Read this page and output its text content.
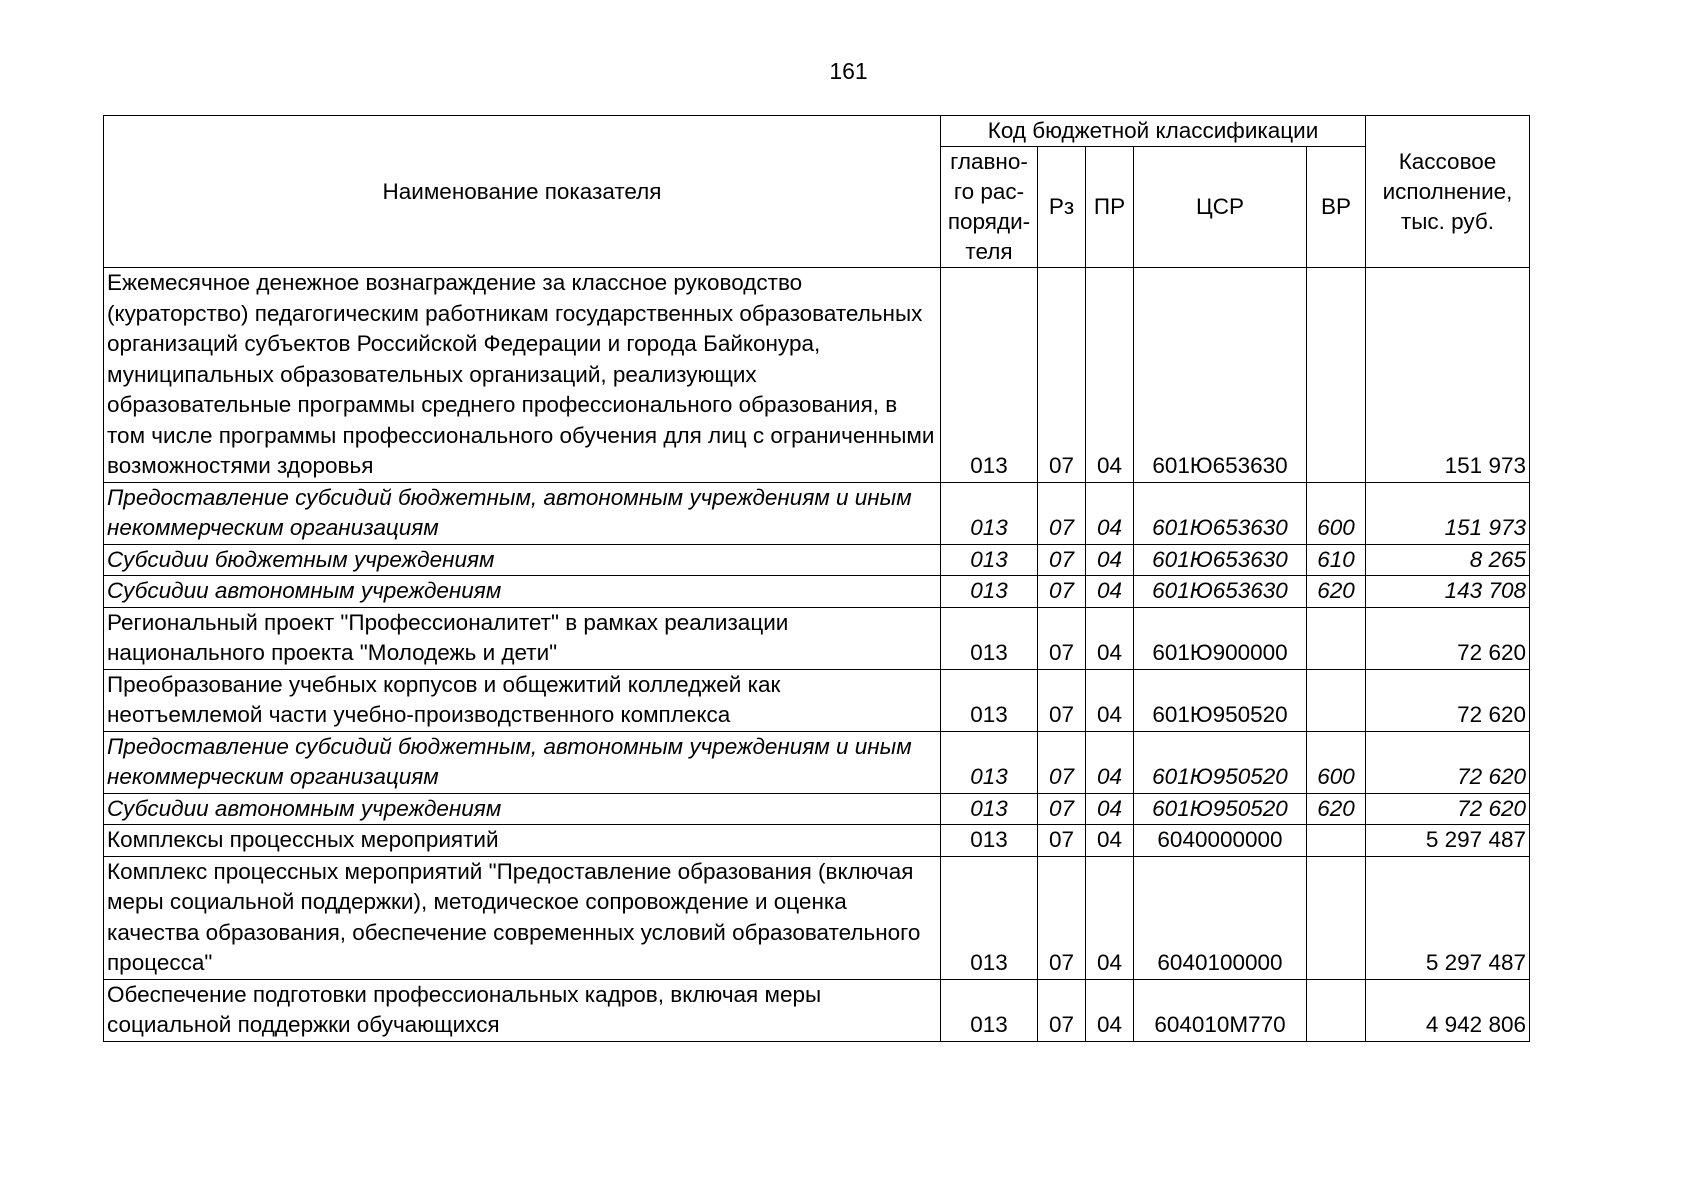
161
Наименование показателя	Код бюджетной классификации					Кассовое исполнение, тыс. руб.
	главно-
го рас-
поряди-
теля	Рз	ПР	ЦСР	ВР	
Ежемесячное денежное вознаграждение за классное руководство (кураторство) педагогическим работникам государственных образовательных организаций субъектов Российской Федерации и города Байконура, муниципальных образовательных организаций, реализующих образовательные программы среднего профессионального образования, в том числе программы профессионального обучения для лиц с ограниченными возможностями здоровья	013	07	04	601Ю653630		151 973
Предоставление субсидий бюджетным, автономным учреждениям и иным некоммерческим организациям	013	07	04	601Ю653630	600	151 973
Субсидии бюджетным учреждениям	013	07	04	601Ю653630	610	8 265
Субсидии автономным учреждениям	013	07	04	601Ю653630	620	143 708
Региональный проект "Профессионалитет" в рамках реализации национального проекта "Молодежь и дети"	013	07	04	601Ю900000		72 620
Преобразование учебных корпусов и общежитий колледжей как неотъемлемой части учебно-производственного комплекса	013	07	04	601Ю950520		72 620
Предоставление субсидий бюджетным, автономным учреждениям и иным некоммерческим организациям	013	07	04	601Ю950520	600	72 620
Субсидии автономным учреждениям	013	07	04	601Ю950520	620	72 620
Комплексы процессных мероприятий	013	07	04	6040000000		5 297 487
Комплекс процессных мероприятий "Предоставление образования (включая меры социальной поддержки), методическое сопровождение и оценка качества образования, обеспечение современных условий образовательного процесса"	013	07	04	6040100000		5 297 487
Обеспечение подготовки профессиональных кадров, включая меры социальной поддержки обучающихся	013	07	04	604010М770		4 942 806
